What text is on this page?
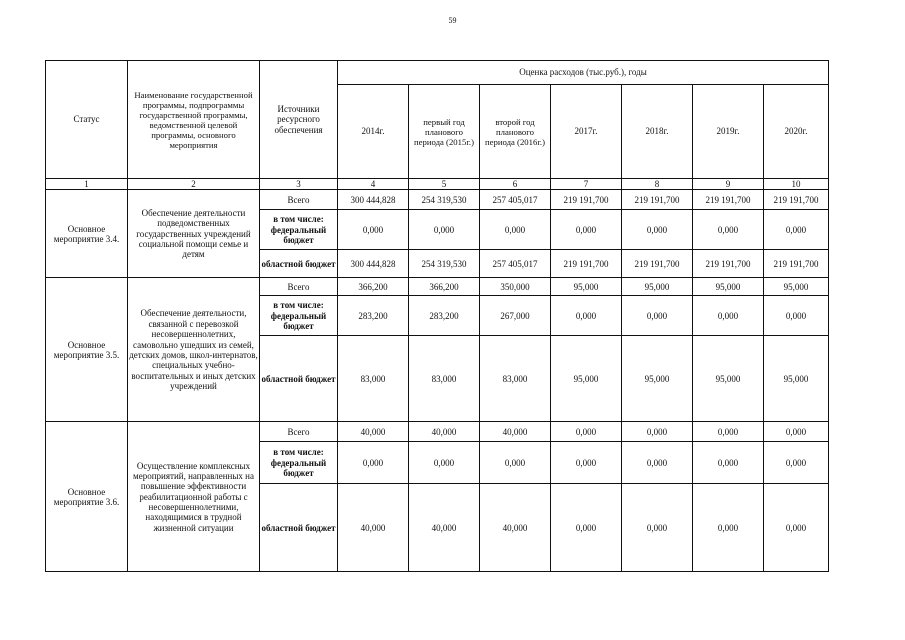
59
Статус	Наименование государственной программы, подпрограммы государственной программы, ведомственной целевой программы, основного мероприятия	Источники ресурсного обеспечения	Оценка расходов (тыс.руб.), годы						
			2014г.	первый год планового периода (2015г.)	второй год планового периода (2016г.)	2017г.	2018г.	2019г.	2020г.
1	2	3	4	5	6	7	8	9	10
Основное мероприятие 3.4.	Обеспечение деятельности подведомственных государственных учреждений социальной помощи семье и детям	Всего	300 444,828	254 319,530	257 405,017	219 191,700	219 191,700	219 191,700	219 191,700
		в том числе: федеральный бюджет	0,000	0,000	0,000	0,000	0,000	0,000	0,000
		областной бюджет	300 444,828	254 319,530	257 405,017	219 191,700	219 191,700	219 191,700	219 191,700
Основное мероприятие 3.5.	Обеспечение деятельности, связанной с перевозкой несовершеннолетних, самовольно ушедших из семей, детских домов, школ-интернатов, специальных учебно-воспитательных и иных детских учреждений	Всего	366,200	366,200	350,000	95,000	95,000	95,000	95,000
		в том числе: федеральный бюджет	283,200	283,200	267,000	0,000	0,000	0,000	0,000
		областной бюджет	83,000	83,000	83,000	95,000	95,000	95,000	95,000
Основное мероприятие 3.6.	Осуществление комплексных мероприятий, направленных на повышение эффективности реабилитационной работы с несовершеннолетними, находящимися в трудной жизненной ситуации	Всего	40,000	40,000	40,000	0,000	0,000	0,000	0,000
		в том числе: федеральный бюджет	0,000	0,000	0,000	0,000	0,000	0,000	0,000
		областной бюджет	40,000	40,000	40,000	0,000	0,000	0,000	0,000
